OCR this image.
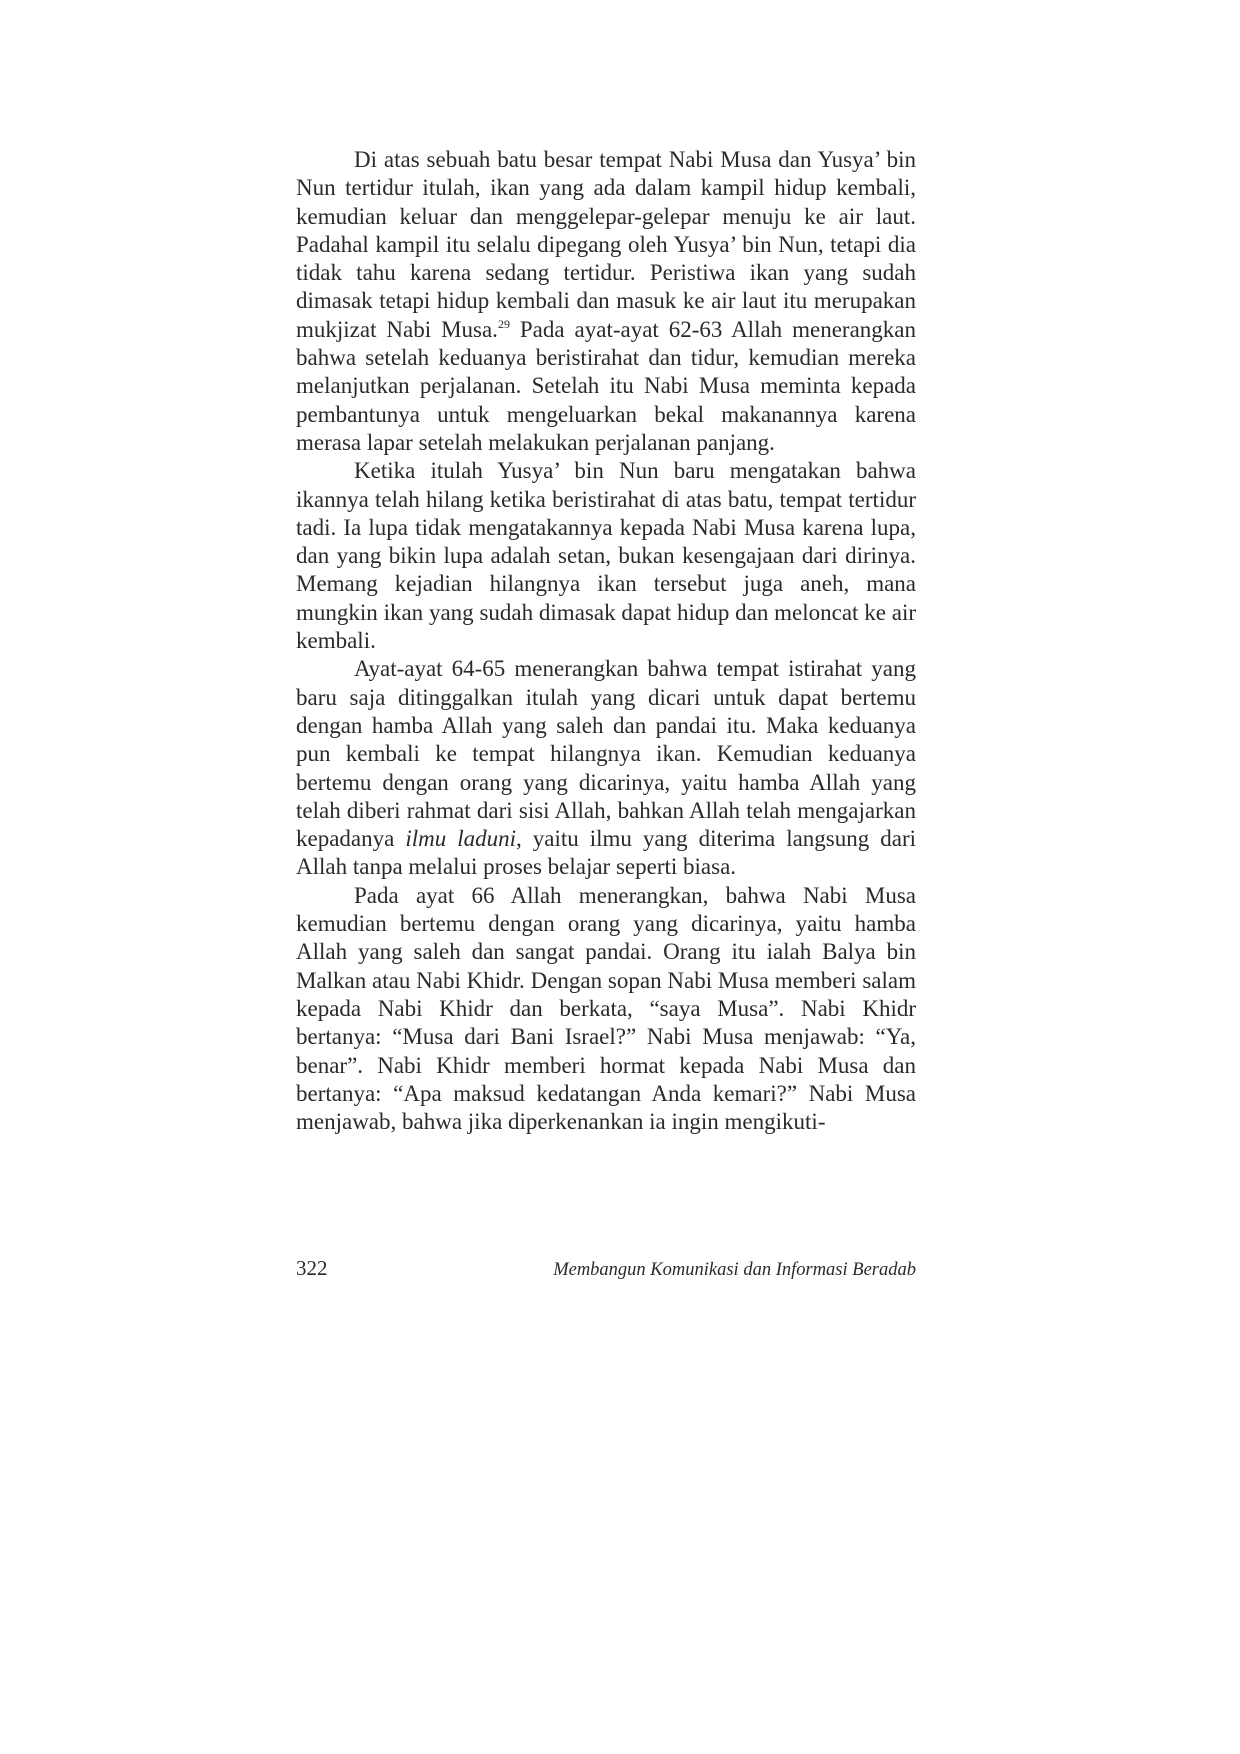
Di atas sebuah batu besar tempat Nabi Musa dan Yusya’ bin Nun tertidur itulah, ikan yang ada dalam kampil hidup kembali, kemudian keluar dan menggelepar-gelepar menuju ke air laut. Padahal kampil itu selalu dipegang oleh Yusya’ bin Nun, tetapi dia tidak tahu karena sedang tertidur. Peristiwa ikan yang sudah dimasak tetapi hidup kembali dan masuk ke air laut itu merupakan mukjizat Nabi Musa.$^{29}$ Pada ayat-ayat 62-63 Allah menerangkan bahwa setelah keduanya beristirahat dan tidur, kemudian mereka melanjutkan perjalanan. Setelah itu Nabi Musa meminta kepada pembantunya untuk mengeluarkan bekal makanannya karena merasa lapar setelah melakukan perjalanan panjang.

Ketika itulah Yusya’ bin Nun baru mengatakan bahwa ikannya telah hilang ketika beristirahat di atas batu, tempat tertidur tadi. Ia lupa tidak mengatakannya kepada Nabi Musa karena lupa, dan yang bikin lupa adalah setan, bukan kesengajaan dari dirinya. Memang kejadian hilangnya ikan tersebut juga aneh, mana mungkin ikan yang sudah dimasak dapat hidup dan meloncat ke air kembali.

Ayat-ayat 64-65 menerangkan bahwa tempat istirahat yang baru saja ditinggalkan itulah yang dicari untuk dapat bertemu dengan hamba Allah yang saleh dan pandai itu. Maka keduanya pun kembali ke tempat hilangnya ikan. Kemudian keduanya bertemu dengan orang yang dicarinya, yaitu hamba Allah yang telah diberi rahmat dari sisi Allah, bahkan Allah telah mengajarkan kepadanya ilmu laduni, yaitu ilmu yang diterima langsung dari Allah tanpa melalui proses belajar seperti biasa.

Pada ayat 66 Allah menerangkan, bahwa Nabi Musa kemudian bertemu dengan orang yang dicarinya, yaitu hamba Allah yang saleh dan sangat pandai. Orang itu ialah Balya bin Malkan atau Nabi Khidr. Dengan sopan Nabi Musa memberi salam kepada Nabi Khidr dan berkata, “saya Musa”. Nabi Khidr bertanya: “Musa dari Bani Israel?” Nabi Musa menjawab: “Ya, benar”. Nabi Khidr memberi hormat kepada Nabi Musa dan bertanya: “Apa maksud kedatangan Anda kemari?” Nabi Musa menjawab, bahwa jika diperkenankan ia ingin mengikuti-

322	Membangun Komunikasi dan Informasi Beradab
